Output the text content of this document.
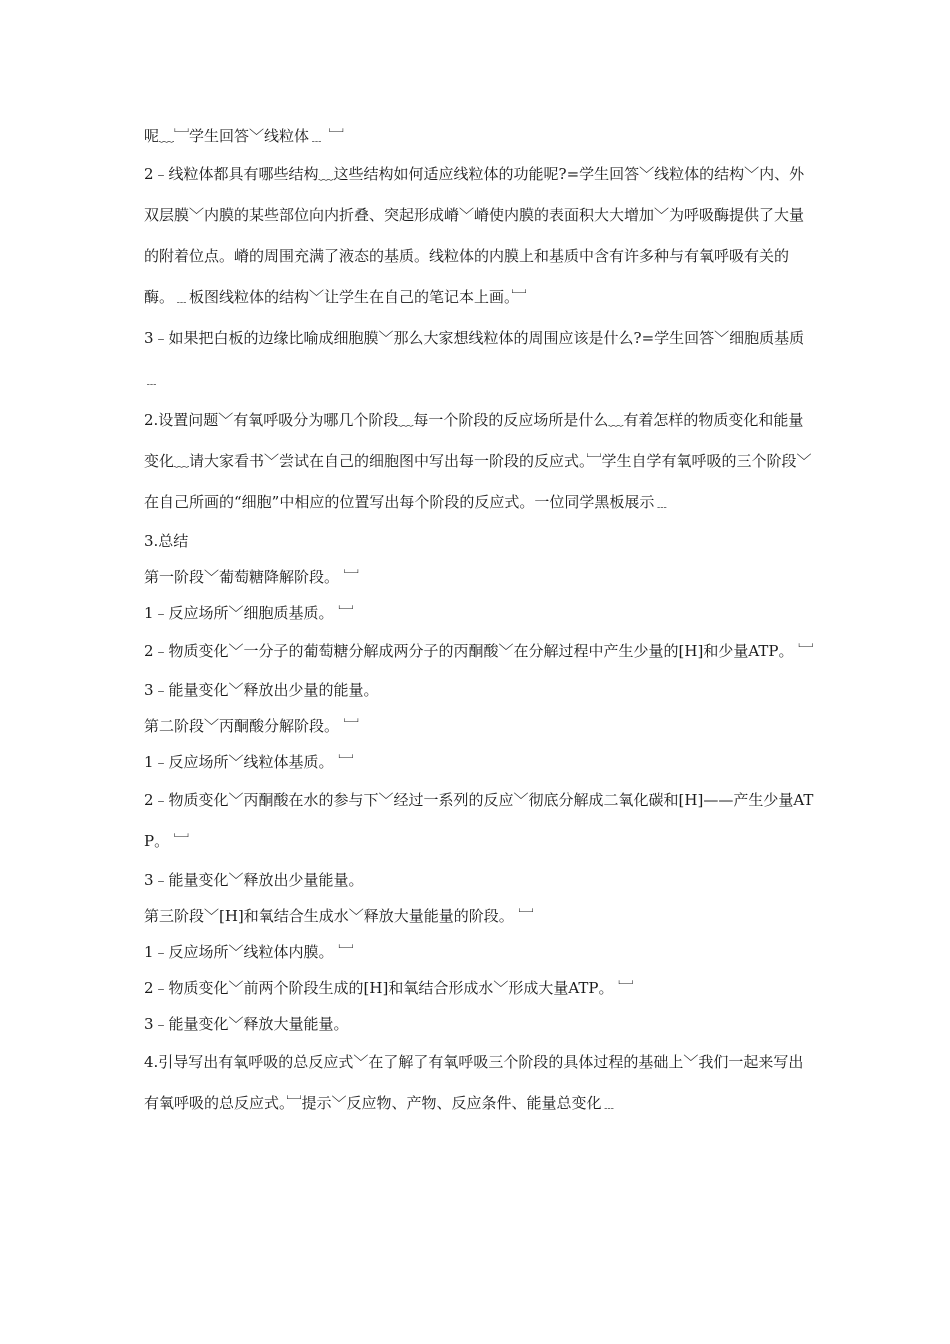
呢﹏﹈学生回答﹀线粒体﹍ ﹈

2﹣线粒体都具有哪些结构﹏这些结构如何适应线粒体的功能呢?=学生回答﹀线粒体的结构﹀内、外双层膜﹀内膜的某些部位向内折叠、突起形成嵴﹀嵴使内膜的表面积大大增加﹀为呼吸酶提供了大量的附着位点。嵴的周围充满了液态的基质。线粒体的内膜上和基质中含有许多种与有氧呼吸有关的酶。﹍板图线粒体的结构﹀让学生在自己的笔记本上画。﹈

3﹣如果把白板的边缘比喻成细胞膜﹀那么大家想线粒体的周围应该是什么?=学生回答﹀细胞质基质﹍

2.设置问题﹀有氧呼吸分为哪几个阶段﹏每一个阶段的反应场所是什么﹏有着怎样的物质变化和能量变化﹏请大家看书﹀尝试在自己的细胞图中写出每一阶段的反应式。﹈学生自学有氧呼吸的三个阶段﹀在自己所画的“细胞”中相应的位置写出每个阶段的反应式。一位同学黑板展示﹍

3.总结

第一阶段﹀葡萄糖降解阶段。 ﹈

1﹣反应场所﹀细胞质基质。 ﹈

2﹣物质变化﹀一分子的葡萄糖分解成两分子的丙酮酸﹀在分解过程中产生少量的[H]和少量ATP。 ﹈

3﹣能量变化﹀释放出少量的能量。

第二阶段﹀丙酮酸分解阶段。 ﹈

1﹣反应场所﹀线粒体基质。 ﹈

2﹣物质变化﹀丙酮酸在水的参与下﹀经过一系列的反应﹀彻底分解成二氧化碳和[H]——产生少量ATP。 ﹈

3﹣能量变化﹀释放出少量能量。

第三阶段﹀[H]和氧结合生成水﹀释放大量能量的阶段。 ﹈

1﹣反应场所﹀线粒体内膜。 ﹈

2﹣物质变化﹀前两个阶段生成的[H]和氧结合形成水﹀形成大量ATP。 ﹈

3﹣能量变化﹀释放大量能量。

4.引导写出有氧呼吸的总反应式﹀在了解了有氧呼吸三个阶段的具体过程的基础上﹀我们一起来写出有氧呼吸的总反应式。﹈提示﹀反应物、产物、反应条件、能量总变化﹍
